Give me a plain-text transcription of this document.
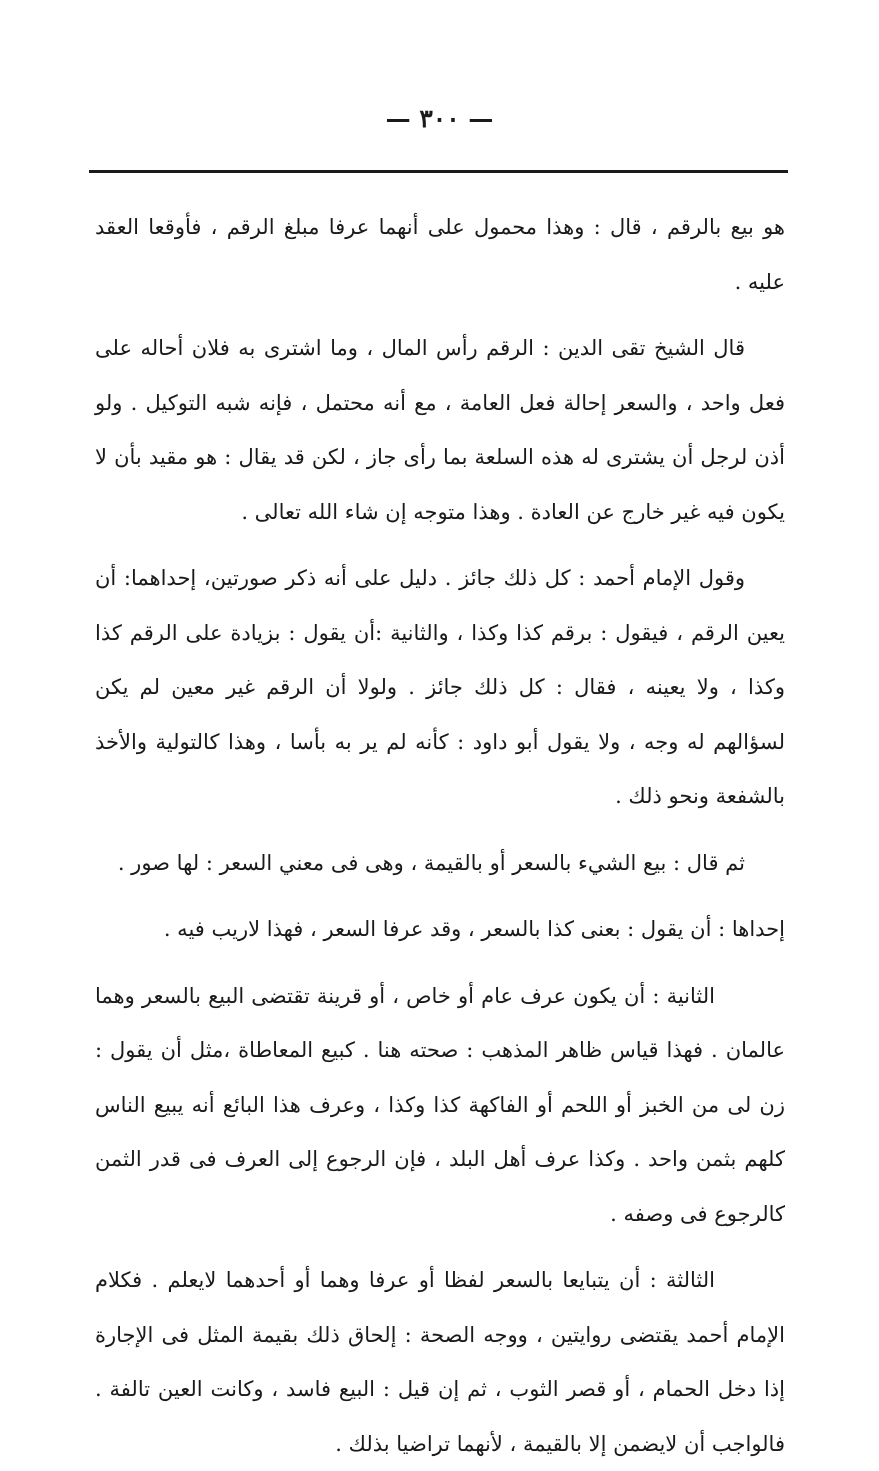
— ٣٠٠ —

هو بيع بالرقم ، قال : وهذا محمول على أنهما عرفا مبلغ الرقم ، فأوقعا العقد عليه .

قال الشيخ تقى الدين : الرقم رأس المال ، وما اشترى به فلان أحاله على فعل واحد ، والسعر إحالة فعل العامة ، مع أنه محتمل ، فإنه شبه التوكيل . ولو أذن لرجل أن يشترى له هذه السلعة بما رأى جاز ، لكن قد يقال : هو مقيد بأن لا يكون فيه غير خارج عن العادة . وهذا متوجه إن شاء الله تعالى .

وقول الإمام أحمد : كل ذلك جائز . دليل على أنه ذكر صورتين، إحداهما: أن يعين الرقم ، فيقول : برقم كذا وكذا ، والثانية :أن يقول : بزيادة على الرقم كذا وكذا ، ولا يعينه ، فقال : كل ذلك جائز . ولولا أن الرقم غير معين لم يكن لسؤالهم له وجه ، ولا يقول أبو داود : كأنه لم ير به بأسا ، وهذا كالتولية والأخذ بالشفعة ونحو ذلك .

ثم قال : بيع الشيء بالسعر أو بالقيمة ، وهى فى معني السعر : لها صور .

إحداها : أن يقول : بعنى كذا بالسعر ، وقد عرفا السعر ، فهذا لاريب فيه .

الثانية : أن يكون عرف عام أو خاص ، أو قرينة تقتضى البيع بالسعر وهما عالمان . فهذا قياس ظاهر المذهب : صحته هنا . كبيع المعاطاة ،مثل أن يقول : زن لى من الخبز أو اللحم أو الفاكهة كذا وكذا ، وعرف هذا البائع أنه يبيع الناس كلهم بثمن واحد . وكذا عرف أهل البلد ، فإن الرجوع إلى العرف فى قدر الثمن كالرجوع فى وصفه .

الثالثة : أن يتبايعا بالسعر لفظا أو عرفا وهما أو أحدهما لايعلم . فكلام الإمام أحمد يقتضى روايتين ، ووجه الصحة : إلحاق ذلك بقيمة المثل فى الإجارة إذا دخل الحمام ، أو قصر الثوب ، ثم إن قيل : البيع فاسد ، وكانت العين تالفة . فالواجب أن لايضمن إلا بالقيمة ، لأنهما تراضيا بذلك .
